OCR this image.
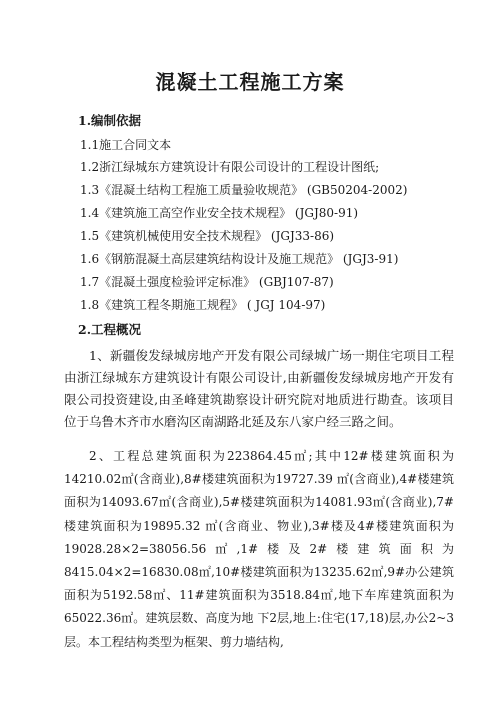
混凝土工程施工方案
1.编制依据
1.1施工合同文本
1.2浙江绿城东方建筑设计有限公司设计的工程设计图纸;
1.3《混凝土结构工程施工质量验收规范》 (GB50204-2002)
1.4《建筑施工高空作业安全技术规程》 (JGJ80-91)
1.5《建筑机械使用安全技术规程》 (JGJ33-86)
1.6《钢筋混凝土高层建筑结构设计及施工规范》 (JGJ3-91)
1.7《混凝土强度检验评定标准》 (GBJ107-87)
1.8《建筑工程冬期施工规程》 ( JGJ 104-97)
2.工程概况
1、新疆俊发绿城房地产开发有限公司绿城广场一期住宅项目工程由浙江绿城东方建筑设计有限公司设计,由新疆俊发绿城房地产开发有限公司投资建设,由圣峰建筑勘察设计研究院对地质进行勘查。该项目位于乌鲁木齐市水磨沟区南湖路北延及东八家户经三路之间。
2、工程总建筑面积为223864.45㎡;其中12#楼建筑面积为14210.02㎡(含商业),8#楼建筑面积为19727.39 ㎡(含商业),4#楼建筑面积为14093.67㎡(含商业),5#楼建筑面积为14081.93㎡(含商业),7#楼建筑面积为19895.32 ㎡(含商业、物业),3#楼及4#楼建筑面积为19028.28×2=38056.56㎡,1#楼及2#楼建筑面积为8415.04×2=16830.08㎡,10#楼建筑面积为13235.62㎡,9#办公建筑面积为5192.58㎡、11#建筑面积为3518.84㎡,地下车库建筑面积为65022.36㎡。建筑层数、高度为地 下2层,地上:住宅(17,18)层,办公2~3层。本工程结构类型为框架、剪力墙结构,
